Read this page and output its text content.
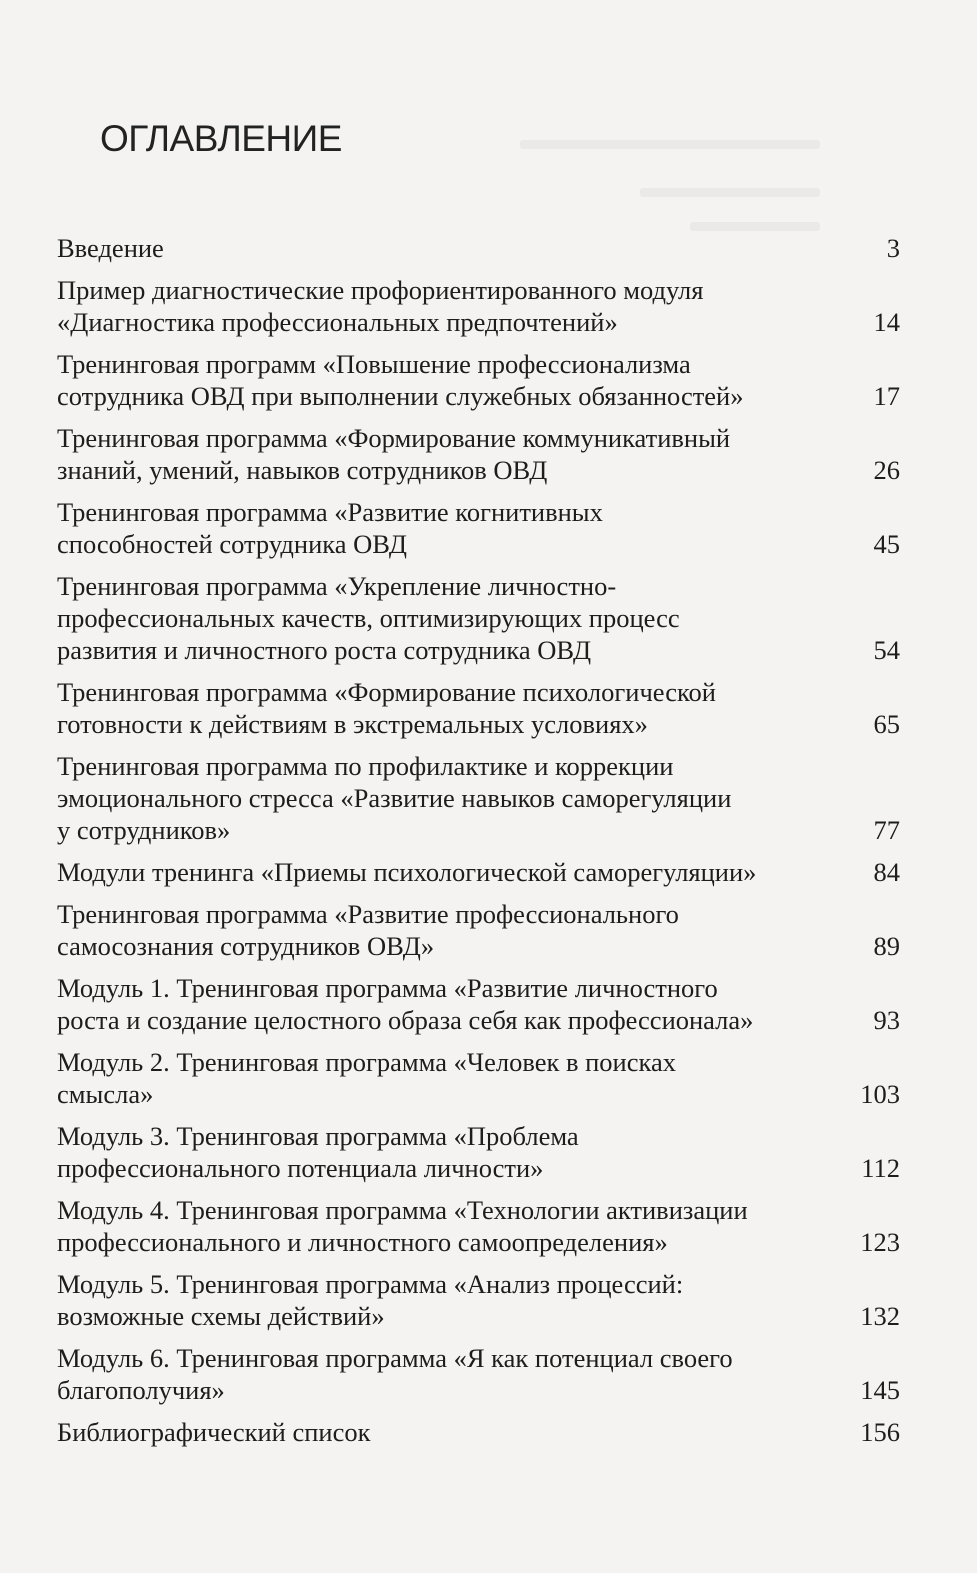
ОГЛАВЛЕНИЕ
Введение	3
Пример диагностические профориентированного модуля
«Диагностика профессиональных предпочтений»	14
Тренинговая программ «Повышение профессионализма
сотрудника ОВД при выполнении служебных обязанностей»	17
Тренинговая программа «Формирование коммуникативный
знаний, умений, навыков сотрудников ОВД	26
Тренинговая программа «Развитие когнитивных
способностей сотрудника ОВД	45
Тренинговая программа «Укрепление личностно-
профессиональных качеств, оптимизирующих процесс
развития и личностного роста сотрудника ОВД	54
Тренинговая программа «Формирование психологической
готовности к действиям в экстремальных условиях»	65
Тренинговая программа по профилактике и коррекции
эмоционального стресса «Развитие навыков саморегуляции
у сотрудников»	77
Модули тренинга «Приемы психологической саморегуляции»	84
Тренинговая программа «Развитие профессионального
самосознания сотрудников ОВД»	89
Модуль 1. Тренинговая программа «Развитие личностного
роста и создание целостного образа себя как профессионала»	93
Модуль 2. Тренинговая программа «Человек в поисках
смысла»	103
Модуль 3. Тренинговая программа «Проблема
профессионального потенциала личности»	112
Модуль 4. Тренинговая программа «Технологии активизации
профессионального и личностного самоопределения»	123
Модуль 5. Тренинговая программа «Анализ процессий:
возможные схемы действий»	132
Модуль 6. Тренинговая программа «Я как потенциал своего
благополучия»	145
Библиографический список	156
